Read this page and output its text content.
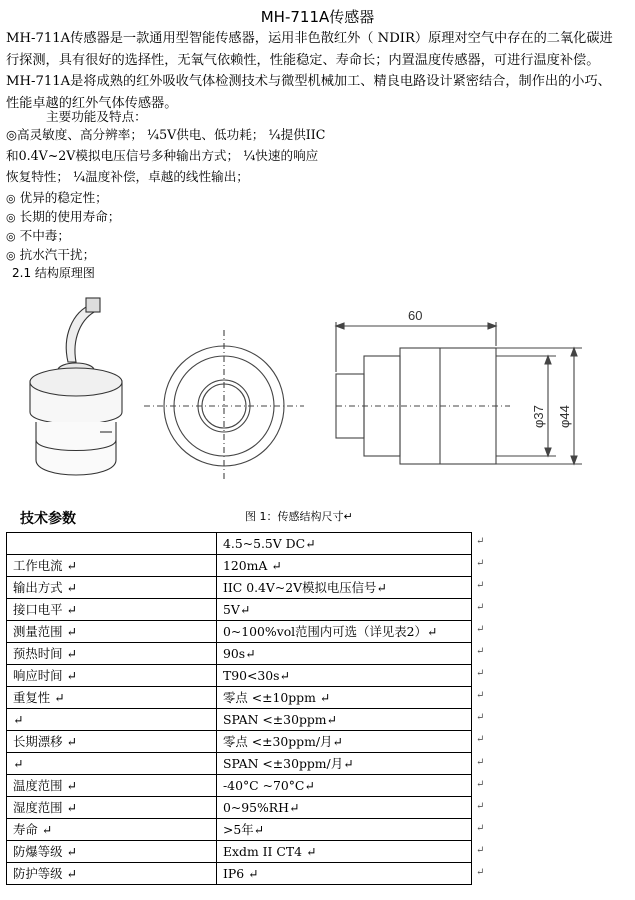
MH-711A传感器
MH-711A传感器是一款通用型智能传感器，运用非色散红外（ NDIR）原理对空气中存在的二氧化碳进行探测，具有很好的选择性，无氧气依赖性，性能稳定、寿命长；内置温度传感器，可进行温度补偿。MH-711A是将成熟的红外吸收气体检测技术与微型机械加工、精良电路设计紧密结合，制作出的小巧、性能卓越的红外气体传感器。
主要功能及特点：
◎高灵敏度、高分辨率； ¼5V供电、低功耗； ¼提供IIC
和0.4V~2V模拟电压信号多种输出方式； ¼快速的响应
恢复特性； ¼温度补偿，卓越的线性输出；
◎ 优异的稳定性；
◎ 长期的使用寿命；
◎ 不中毒；
◎ 抗水汽干扰；
2.1 结构原理图
60
φ37 φ44
技术参数	图 1：传感结构尺寸↵
	4.5~5.5V DC↵
工作电流 ↵	120mA ↵
输出方式 ↵	IIC 0.4V~2V模拟电压信号↵
接口电平 ↵	5V↵
测量范围 ↵	0~100%vol范围内可选（详见表2）↵
预热时间 ↵	90s↵
响应时间 ↵	T90<30s↵
重复性 ↵	零点 <±10ppm ↵
↵	SPAN <±30ppm↵
长期漂移 ↵	零点 <±30ppm/月↵
↵	SPAN <±30ppm/月↵
温度范围 ↵	-40°C ~70°C↵
湿度范围 ↵	0~95%RH↵
寿命 ↵	>5年↵
防爆等级 ↵	Exdm II CT4 ↵
防护等级 ↵	IP6 ↵
↵
↵
↵
↵
↵
↵
↵
↵
↵
↵
↵
↵
↵
↵
↵
↵
